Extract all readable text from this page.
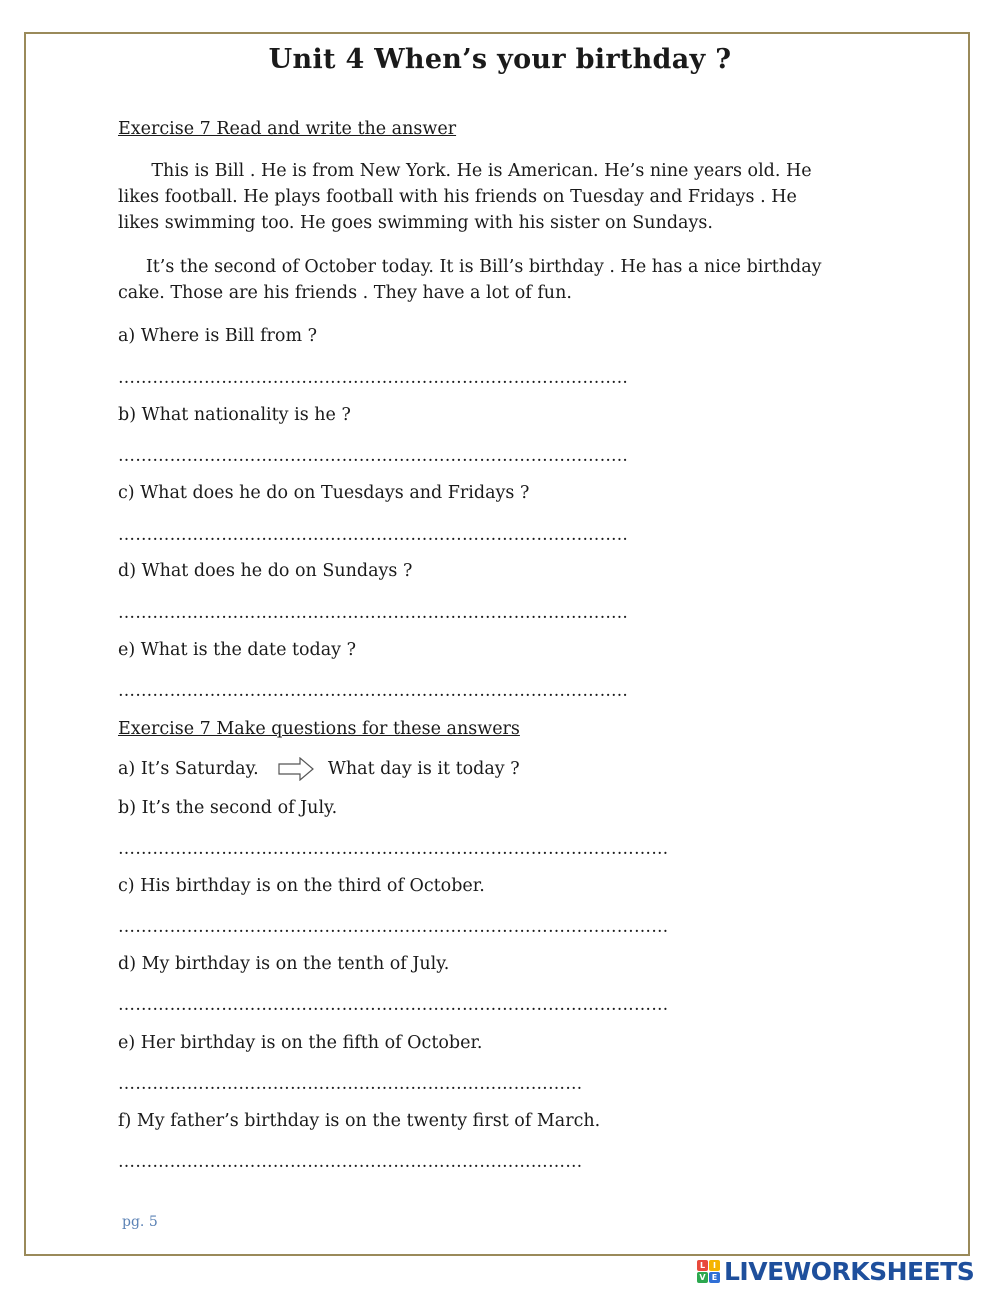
Unit 4 When’s your birthday ?

Exercise 7 Read and write the answer

This is Bill . He is from New York. He is American. He’s nine years old. He

likes football. He plays football with his friends on Tuesday and Fridays . He

likes swimming too. He goes swimming with his sister on Sundays.

It’s the second of October today. It is Bill’s birthday . He has a nice birthday

cake. Those are his friends . They have a lot of fun.

a) Where is Bill from ?

……………………………………………………………………………..

b) What nationality is he ?

……………………………………………………………………………..

c) What does he do on Tuesdays and Fridays ?

……………………………………………………………………………..

d) What does he do on Sundays ?

……………………………………………………………………………..

e) What is the date today ?

……………………………………………………………………………..

Exercise 7 Make questions for these answers

a) It’s Saturday.	What day is it today ?

b) It’s the second of July.

……………………………………………………………………………………

c) His birthday is on the third of October.

……………………………………………………………………………………

d) My birthday is on the tenth of July.

……………………………………………………………………………………

e) Her birthday is on the fifth of October.

………………………………………………………………………

f) My father’s birthday is on the twenty first of March.

………………………………………………………………………
pg. 5
L I
V E LIVEWORKSHEETS
